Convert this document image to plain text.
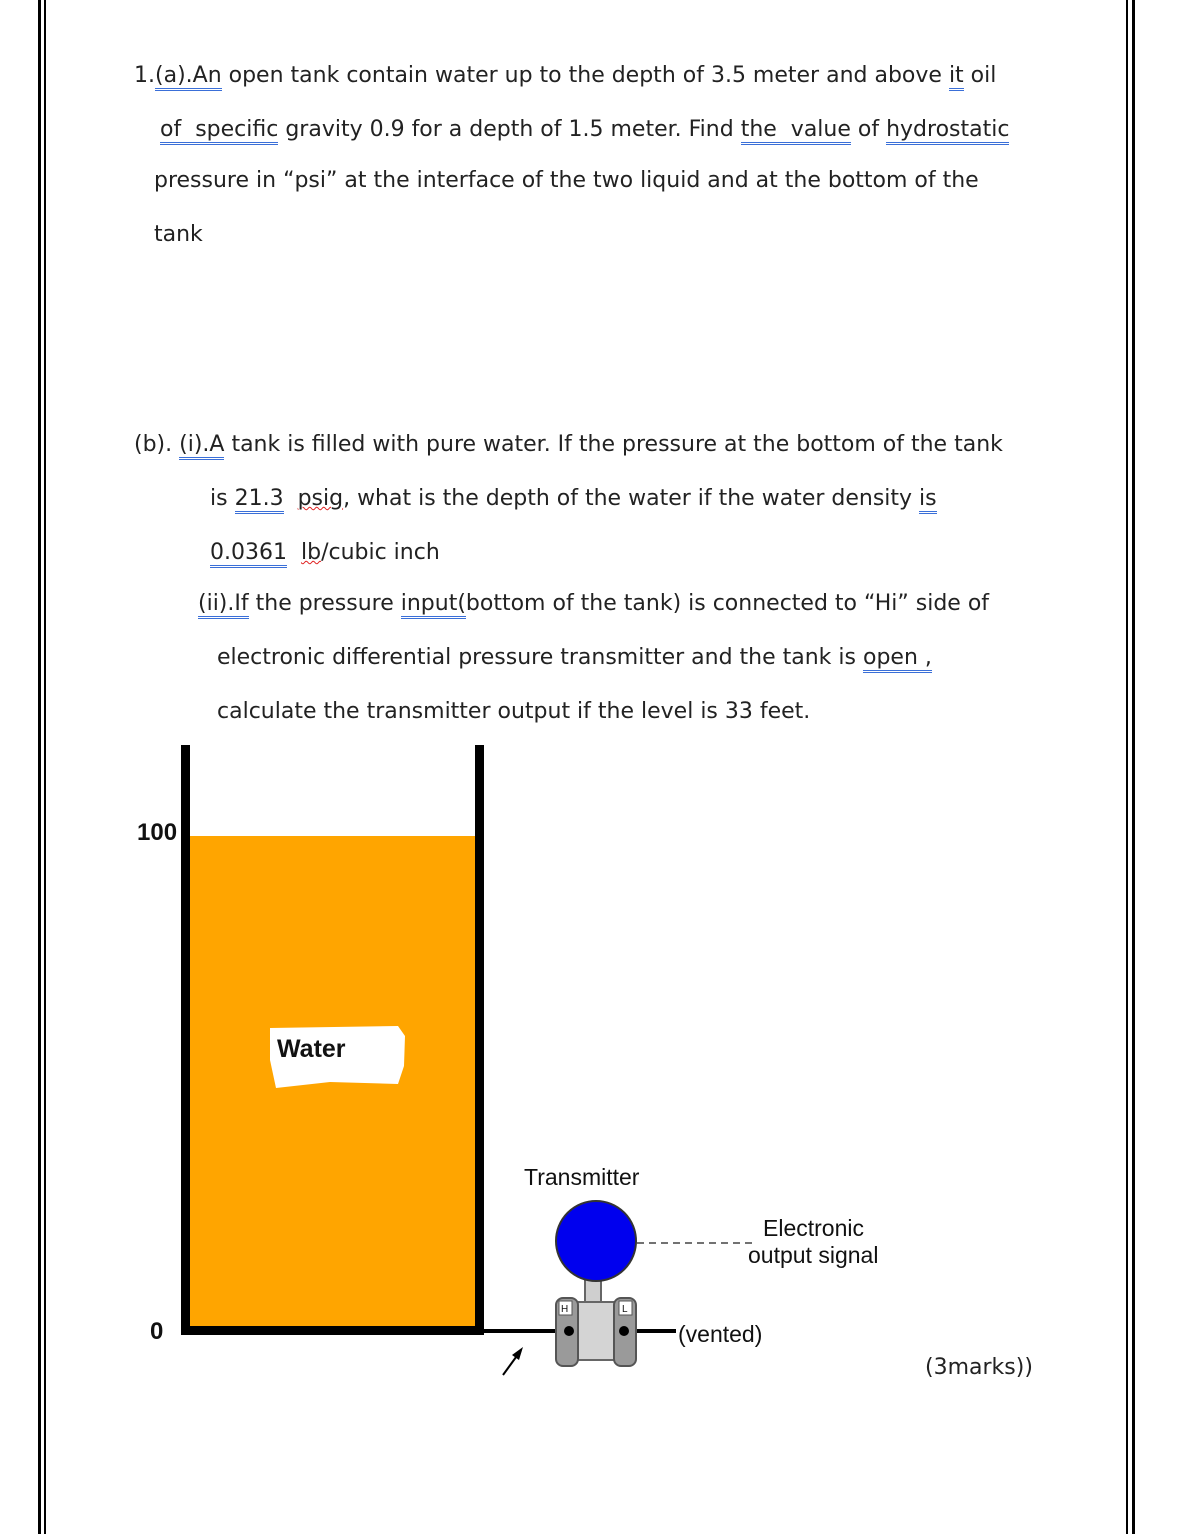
1.(a).An open tank contain water up to the depth of 3.5 meter and above it oil
of  specific gravity 0.9 for a depth of 1.5 meter. Find the  value of hydrostatic
pressure in “psi” at the interface of the two liquid and at the bottom of the
tank
(b). (i).A tank is filled with pure water. If the pressure at the bottom of the tank
is 21.3 psig, what is the depth of the water if the water density is
0.0361 lb/cubic inch
(ii).If the pressure input(bottom of the tank) is connected to “Hi” side of
electronic differential pressure transmitter and the tank is open ,
calculate the transmitter output if the level is 33 feet.
Water
100
0
Transmitter
H	L
Electronic
output signal
(vented)
(3marks))
